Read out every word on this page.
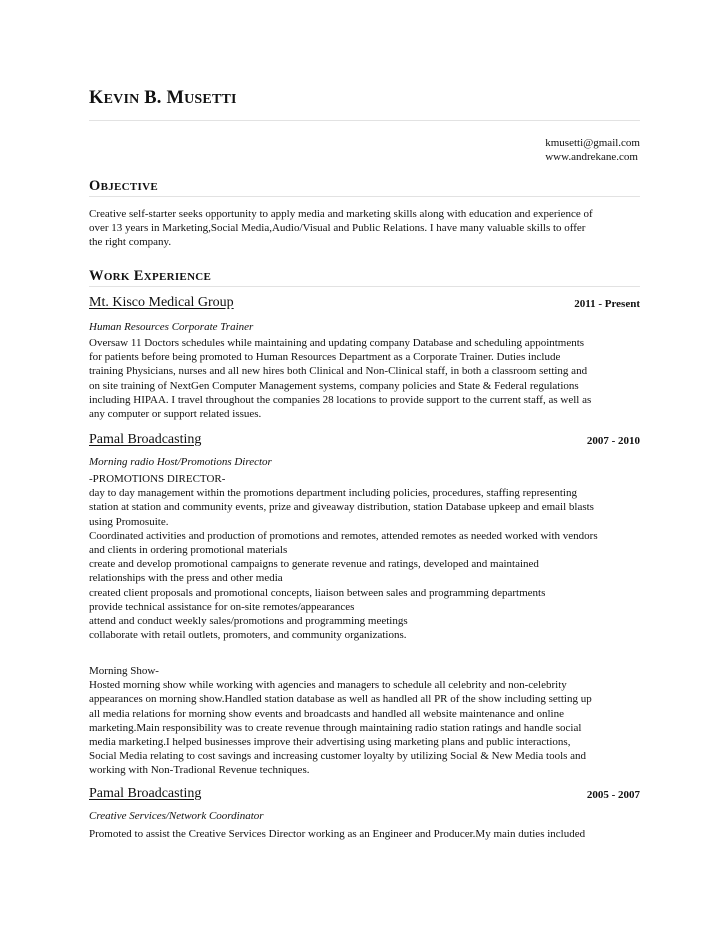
KEVIN B. MUSETTI
kmusetti@gmail.com
www.andrekane.com
OBJECTIVE
Creative self-starter seeks opportunity to apply media and marketing skills along with education and experience of
over 13 years in Marketing,Social Media,Audio/Visual and Public Relations. I have many valuable skills to offer
the right company.
WORK EXPERIENCE
Mt. Kisco Medical Group	2011 - Present
Human Resources Corporate Trainer
Oversaw 11 Doctors schedules while maintaining and updating company Database and scheduling appointments
for patients before being promoted to Human Resources Department as a Corporate Trainer. Duties include
training Physicians, nurses and all new hires both Clinical and Non-Clinical staff, in both a classroom setting and
on site training of NextGen Computer Management systems, company policies and State & Federal regulations
including HIPAA. I travel throughout the companies 28 locations to provide support to the current staff, as well as
any computer or support related issues.
Pamal Broadcasting	2007 - 2010
Morning radio Host/Promotions Director
-PROMOTIONS DIRECTOR-
day to day management within the promotions department including policies, procedures, staffing representing
station at station and community events, prize and giveaway distribution, station Database upkeep and email blasts
using Promosuite.
Coordinated activities and production of promotions and remotes, attended remotes as needed worked with vendors
and clients in ordering promotional materials
create and develop promotional campaigns to generate revenue and ratings, developed and maintained
relationships with the press and other media
created client proposals and promotional concepts, liaison between sales and programming departments
provide technical assistance for on-site remotes/appearances
attend and conduct weekly sales/promotions and programming meetings
collaborate with retail outlets, promoters, and community organizations.
Morning Show-
Hosted morning show while working with agencies and managers to schedule all celebrity and non-celebrity
appearances on morning show.Handled station database as well as handled all PR of the show including setting up
all media relations for morning show events and broadcasts and handled all website maintenance and online
marketing.Main responsibility was to create revenue through maintaining radio station ratings and handle social
media marketing.I helped businesses improve their advertising using marketing plans and public interactions,
Social Media relating to cost savings and increasing customer loyalty by utilizing Social & New Media tools and
working with Non-Tradional Revenue techniques.
Pamal Broadcasting	2005 - 2007
Creative Services/Network Coordinator
Promoted to assist the Creative Services Director working as an Engineer and Producer.My main duties included
